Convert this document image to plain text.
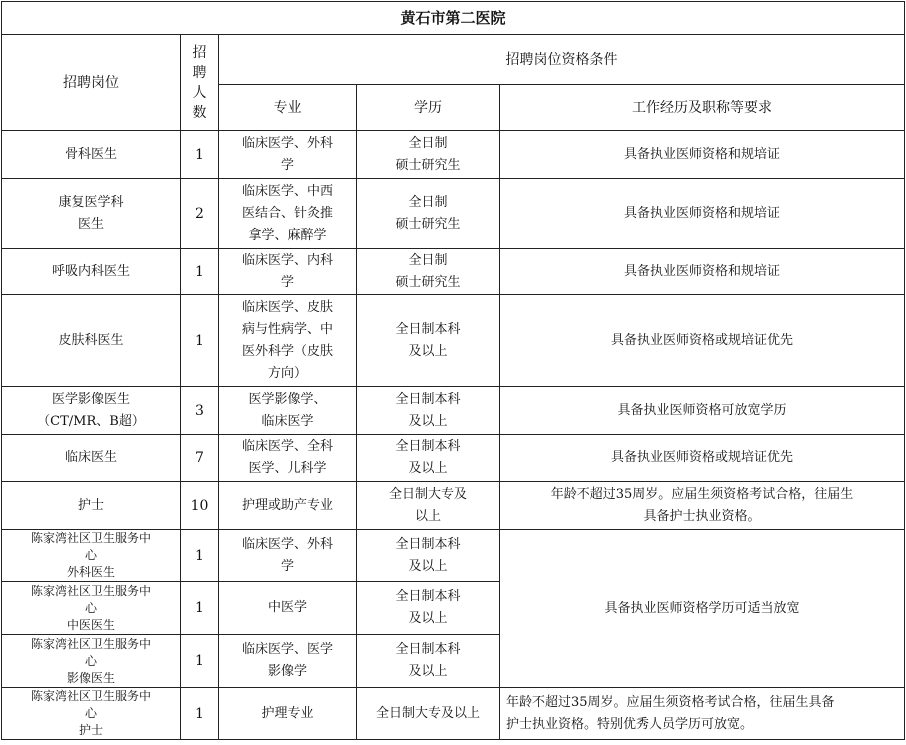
黄石市第二医院				
招聘岗位	招
聘
人
数	招聘岗位资格条件		
		专业	学历	工作经历及职称等要求
骨科医生	1	临床医学、外科
学	全日制
硕士研究生	具备执业医师资格和规培证
康复医学科
医生	2	临床医学、中西
医结合、针灸推
拿学、麻醉学	全日制
硕士研究生	具备执业医师资格和规培证
呼吸内科医生	1	临床医学、内科
学	全日制
硕士研究生	具备执业医师资格和规培证
皮肤科医生	1	临床医学、皮肤
病与性病学、中
医外科学（皮肤
方向）	全日制本科
及以上	具备执业医师资格或规培证优先
医学影像医生
（CT/MR、B超）	3	医学影像学、
临床医学	全日制本科
及以上	具备执业医师资格可放宽学历
临床医生	7	临床医学、全科
医学、儿科学	全日制本科
及以上	具备执业医师资格或规培证优先
护士	10	护理或助产专业	全日制大专及
以上	年龄不超过35周岁。应届生须资格考试合格，往届生
具备护士执业资格。
陈家湾社区卫生服务中
心
外科医生	1	临床医学、外科
学	全日制本科
及以上	具备执业医师资格学历可适当放宽
陈家湾社区卫生服务中
心
中医医生	1	中医学	全日制本科
及以上	
陈家湾社区卫生服务中
心
影像医生	1	临床医学、医学
影像学	全日制本科
及以上	
陈家湾社区卫生服务中
心
护士	1	护理专业	全日制大专及以上	年龄不超过35周岁。应届生须资格考试合格，往届生具备
护士执业资格。特别优秀人员学历可放宽。
